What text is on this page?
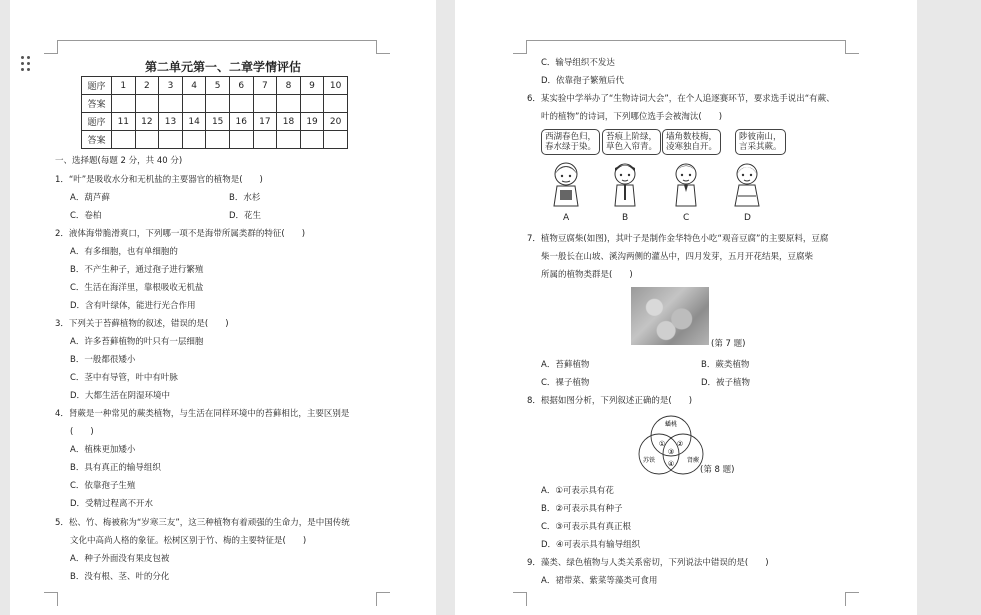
第二单元第一、二章学情评估
题序	1	2	3	4	5	6	7	8	9	10
答案										
题序	11	12	13	14	15	16	17	18	19	20
答案										
一、选择题(每题 2 分，共 40 分)
1．“叶”是吸收水分和无机盐的主要器官的植物是(　　)
A．葫芦藓	B．水杉
C．卷柏	D．花生
2．液体海带脆滑爽口，下列哪一项不是海带所属类群的特征(　　)
A．有多细胞，也有单细胞的
B．不产生种子，通过孢子进行繁殖
C．生活在海洋里，靠根吸收无机盐
D．含有叶绿体，能进行光合作用
3．下列关于苔藓植物的叙述，错误的是(　　)
A．许多苔藓植物的叶只有一层细胞
B．一般都很矮小
C．茎中有导管，叶中有叶脉
D．大都生活在阴湿环境中
4．肾蕨是一种常见的蕨类植物，与生活在同样环境中的苔藓相比，主要区别是
(　　)
A．植株更加矮小
B．具有真正的输导组织
C．依靠孢子生殖
D．受精过程离不开水
5．松、竹、梅被称为“岁寒三友”，这三种植物有着顽强的生命力，是中国传统
文化中高尚人格的象征。松树区别于竹、梅的主要特征是(　　)
A．种子外面没有果皮包被
B．没有根、茎、叶的分化
C．输导组织不发达
D．依靠孢子繁殖后代
6．某实验中学举办了“生物诗词大会”，在个人追逐赛环节，要求选手说出“有蕨、
叶的植物”的诗词，下列哪位选手会被淘汰(　　)
西湖春色归，
春水绿于染。
苔痕上阶绿，
草色入帘青。
墙角数枝梅，
凌寒独自开。
陟彼南山，
言采其蕨。
A	B	C	D
7．植物豆腐柴(如图)，其叶子是制作金华特色小吃“观音豆腐”的主要原料，豆腐
柴一般长在山坡、溪沟两侧的灌丛中，四月发芽，五月开花结果，豆腐柴
所属的植物类群是(　　)
(第 7 题)
A．苔藓植物	B．蕨类植物
C．裸子植物	D．被子植物
8．根据如图分析，下列叙述正确的是(　　)
蟠桃
苏铁	肾蕨
① ②
③
④
(第 8 题)
A．①可表示具有花
B．②可表示具有种子
C．③可表示具有真正根
D．④可表示具有输导组织
9．藻类、绿色植物与人类关系密切，下列说法中错误的是(　　)
A．裙带菜、紫菜等藻类可食用
